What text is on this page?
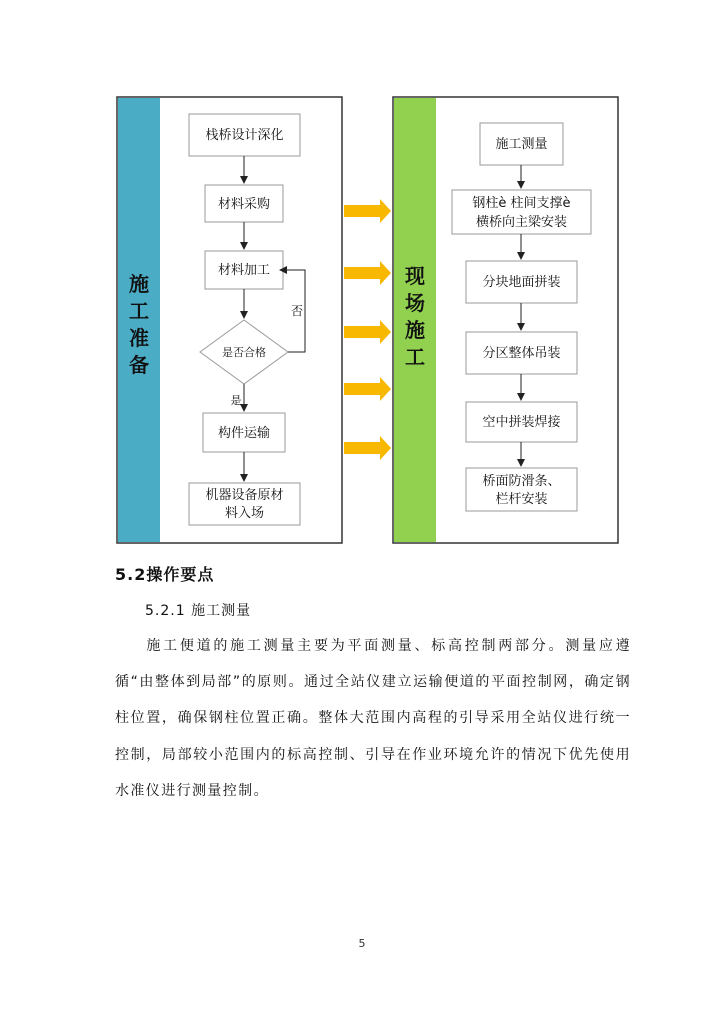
施
工
准
备
栈桥设计深化
材料采购
材料加工
是否合格
否
是
构件运输
机器设备原材
料入场
现
场
施
工
施工测量
钢柱è 柱间支撑è
横桥向主梁安装
分块地面拼装
分区整体吊装
空中拼装焊接
桥面防滑条、
栏杆安装
5.2操作要点
5.2.1 施工测量

施工便道的施工测量主要为平面测量、标高控制两部分。测量应遵循“由整体到局部”的原则。通过全站仪建立运输便道的平面控制网，确定钢柱位置，确保钢柱位置正确。整体大范围内高程的引导采用全站仪进行统一控制，局部较小范围内的标高控制、引导在作业环境允许的情况下优先使用水准仪进行测量控制。

5
